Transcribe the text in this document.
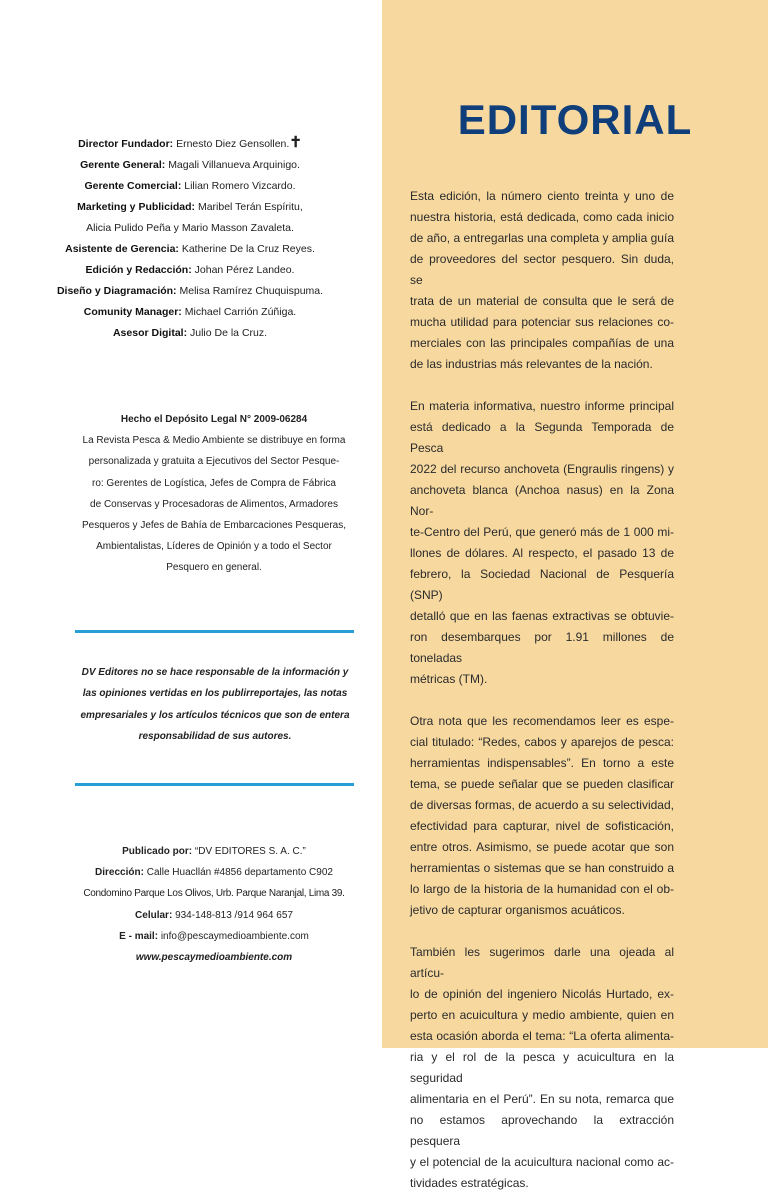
Director Fundador: Ernesto Diez Gensollen.✝
Gerente General: Magali Villanueva Arquinigo.
Gerente Comercial: Lilian Romero Vizcardo.
Marketing y Publicidad: Maribel Terán Espíritu,
Alicia Pulido Peña y Mario Masson Zavaleta.
Asistente de Gerencia: Katherine De la Cruz Reyes.
Edición y Redacción: Johan Pérez Landeo.
Diseño y Diagramación: Melisa Ramírez Chuquispuma.
Comunity Manager: Michael Carrión Zúñiga.
Asesor Digital: Julio De la Cruz.
Hecho el Depósito Legal N° 2009-06284
La Revista Pesca & Medio Ambiente se distribuye en forma
personalizada y gratuita a Ejecutivos del Sector Pesque-
ro: Gerentes de Logística, Jefes de Compra de Fábrica
de Conservas y Procesadoras de Alimentos, Armadores
Pesqueros y Jefes de Bahía de Embarcaciones Pesqueras,
Ambientalistas, Líderes de Opinión y a todo el Sector
Pesquero en general.
DV Editores no se hace responsable de la información y
las opiniones vertidas en los publirreportajes, las notas
empresariales y los artículos técnicos que son de entera
responsabilidad de sus autores.
Publicado por: “DV EDITORES S. A. C.”
Dirección: Calle Huacllán #4856 departamento C902
Condomino Parque Los Olivos, Urb. Parque Naranjal, Lima 39.
Celular: 934-148-813 /914 964 657
E - mail: info@pescaymedioambiente.com
www.pescaymedioambiente.com
EDITORIAL
Esta edición, la número ciento treinta y uno de
nuestra historia, está dedicada, como cada inicio
de año, a entregarlas una completa y amplia guía
de proveedores del sector pesquero. Sin duda, se
trata de un material de consulta que le será de
mucha utilidad para potenciar sus relaciones co-
merciales con las principales compañías de una
de las industrias más relevantes de la nación.
En materia informativa, nuestro informe principal
está dedicado a la Segunda Temporada de Pesca
2022 del recurso anchoveta (Engraulis ringens) y
anchoveta blanca (Anchoa nasus) en la Zona Nor-
te-Centro del Perú, que generó más de 1 000 mi-
llones de dólares. Al respecto, el pasado 13 de
febrero, la Sociedad Nacional de Pesquería (SNP)
detalló que en las faenas extractivas se obtuvie-
ron desembarques por 1.91 millones de toneladas
métricas (TM).
Otra nota que les recomendamos leer es espe-
cial titulado: “Redes, cabos y aparejos de pesca:
herramientas indispensables”. En torno a este
tema, se puede señalar que se pueden clasificar
de diversas formas, de acuerdo a su selectividad,
efectividad para capturar, nivel de sofisticación,
entre otros. Asimismo, se puede acotar que son
herramientas o sistemas que se han construido a
lo largo de la historia de la humanidad con el ob-
jetivo de capturar organismos acuáticos.
También les sugerimos darle una ojeada al artícu-
lo de opinión del ingeniero Nicolás Hurtado, ex-
perto en acuicultura y medio ambiente, quien en
esta ocasión aborda el tema: “La oferta alimenta-
ria y el rol de la pesca y acuicultura en la seguridad
alimentaria en el Perú”. En su nota, remarca que
no estamos aprovechando la extracción pesquera
y el potencial de la acuicultura nacional como ac-
tividades estratégicas.
